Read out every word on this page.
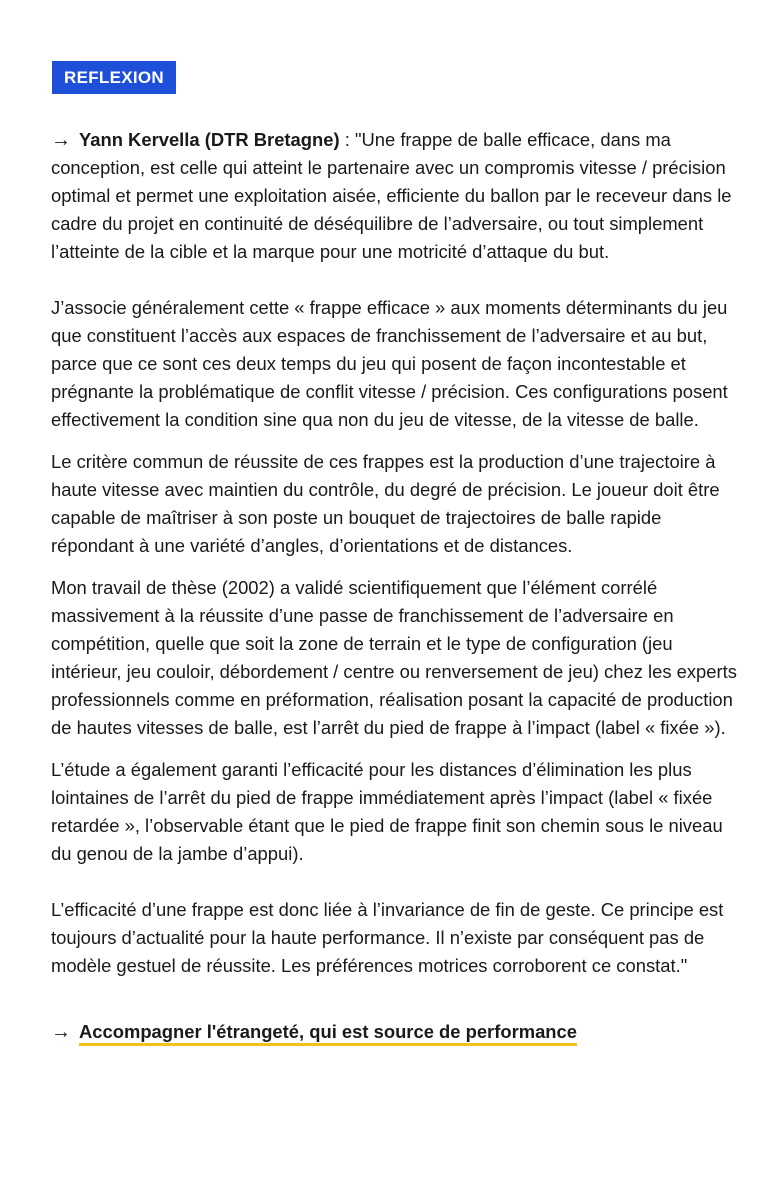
REFLEXION

→ Yann Kervella (DTR Bretagne) : "Une frappe de balle efficace, dans ma conception, est celle qui atteint le partenaire avec un compromis vitesse / précision optimal et permet une exploitation aisée, efficiente du ballon par le receveur dans le cadre du projet en continuité de déséquilibre de l’adversaire, ou tout simplement l’atteinte de la cible et la marque pour une motricité d’attaque du but.

J’associe généralement cette « frappe efficace » aux moments déterminants du jeu que constituent l’accès aux espaces de franchissement de l’adversaire et au but, parce que ce sont ces deux temps du jeu qui posent de façon incontestable et prégnante la problématique de conflit vitesse / précision. Ces configurations posent effectivement la condition sine qua non du jeu de vitesse, de la vitesse de balle.

Le critère commun de réussite de ces frappes est la production d’une trajectoire à haute vitesse avec maintien du contrôle, du degré de précision. Le joueur doit être capable de maîtriser à son poste un bouquet de trajectoires de balle rapide répondant à une variété d’angles, d’orientations et de distances.

Mon travail de thèse (2002) a validé scientifiquement que l’élément corrélé massivement à la réussite d’une passe de franchissement de l’adversaire en compétition, quelle que soit la zone de terrain et le type de configuration (jeu intérieur, jeu couloir, débordement / centre ou renversement de jeu) chez les experts professionnels comme en préformation, réalisation posant la capacité de production de hautes vitesses de balle, est l’arrêt du pied de frappe à l’impact (label « fixée »).

L’étude a également garanti l’efficacité pour les distances d’élimination les plus lointaines de l’arrêt du pied de frappe immédiatement après l’impact (label « fixée retardée », l’observable étant que le pied de frappe finit son chemin sous le niveau du genou de la jambe d’appui).

L’efficacité d’une frappe est donc liée à l’invariance de fin de geste. Ce principe est toujours d’actualité pour la haute performance. Il n’existe par conséquent pas de modèle gestuel de réussite. Les préférences motrices corroborent ce constat."

→ Accompagner l'étrangeté, qui est source de performance
